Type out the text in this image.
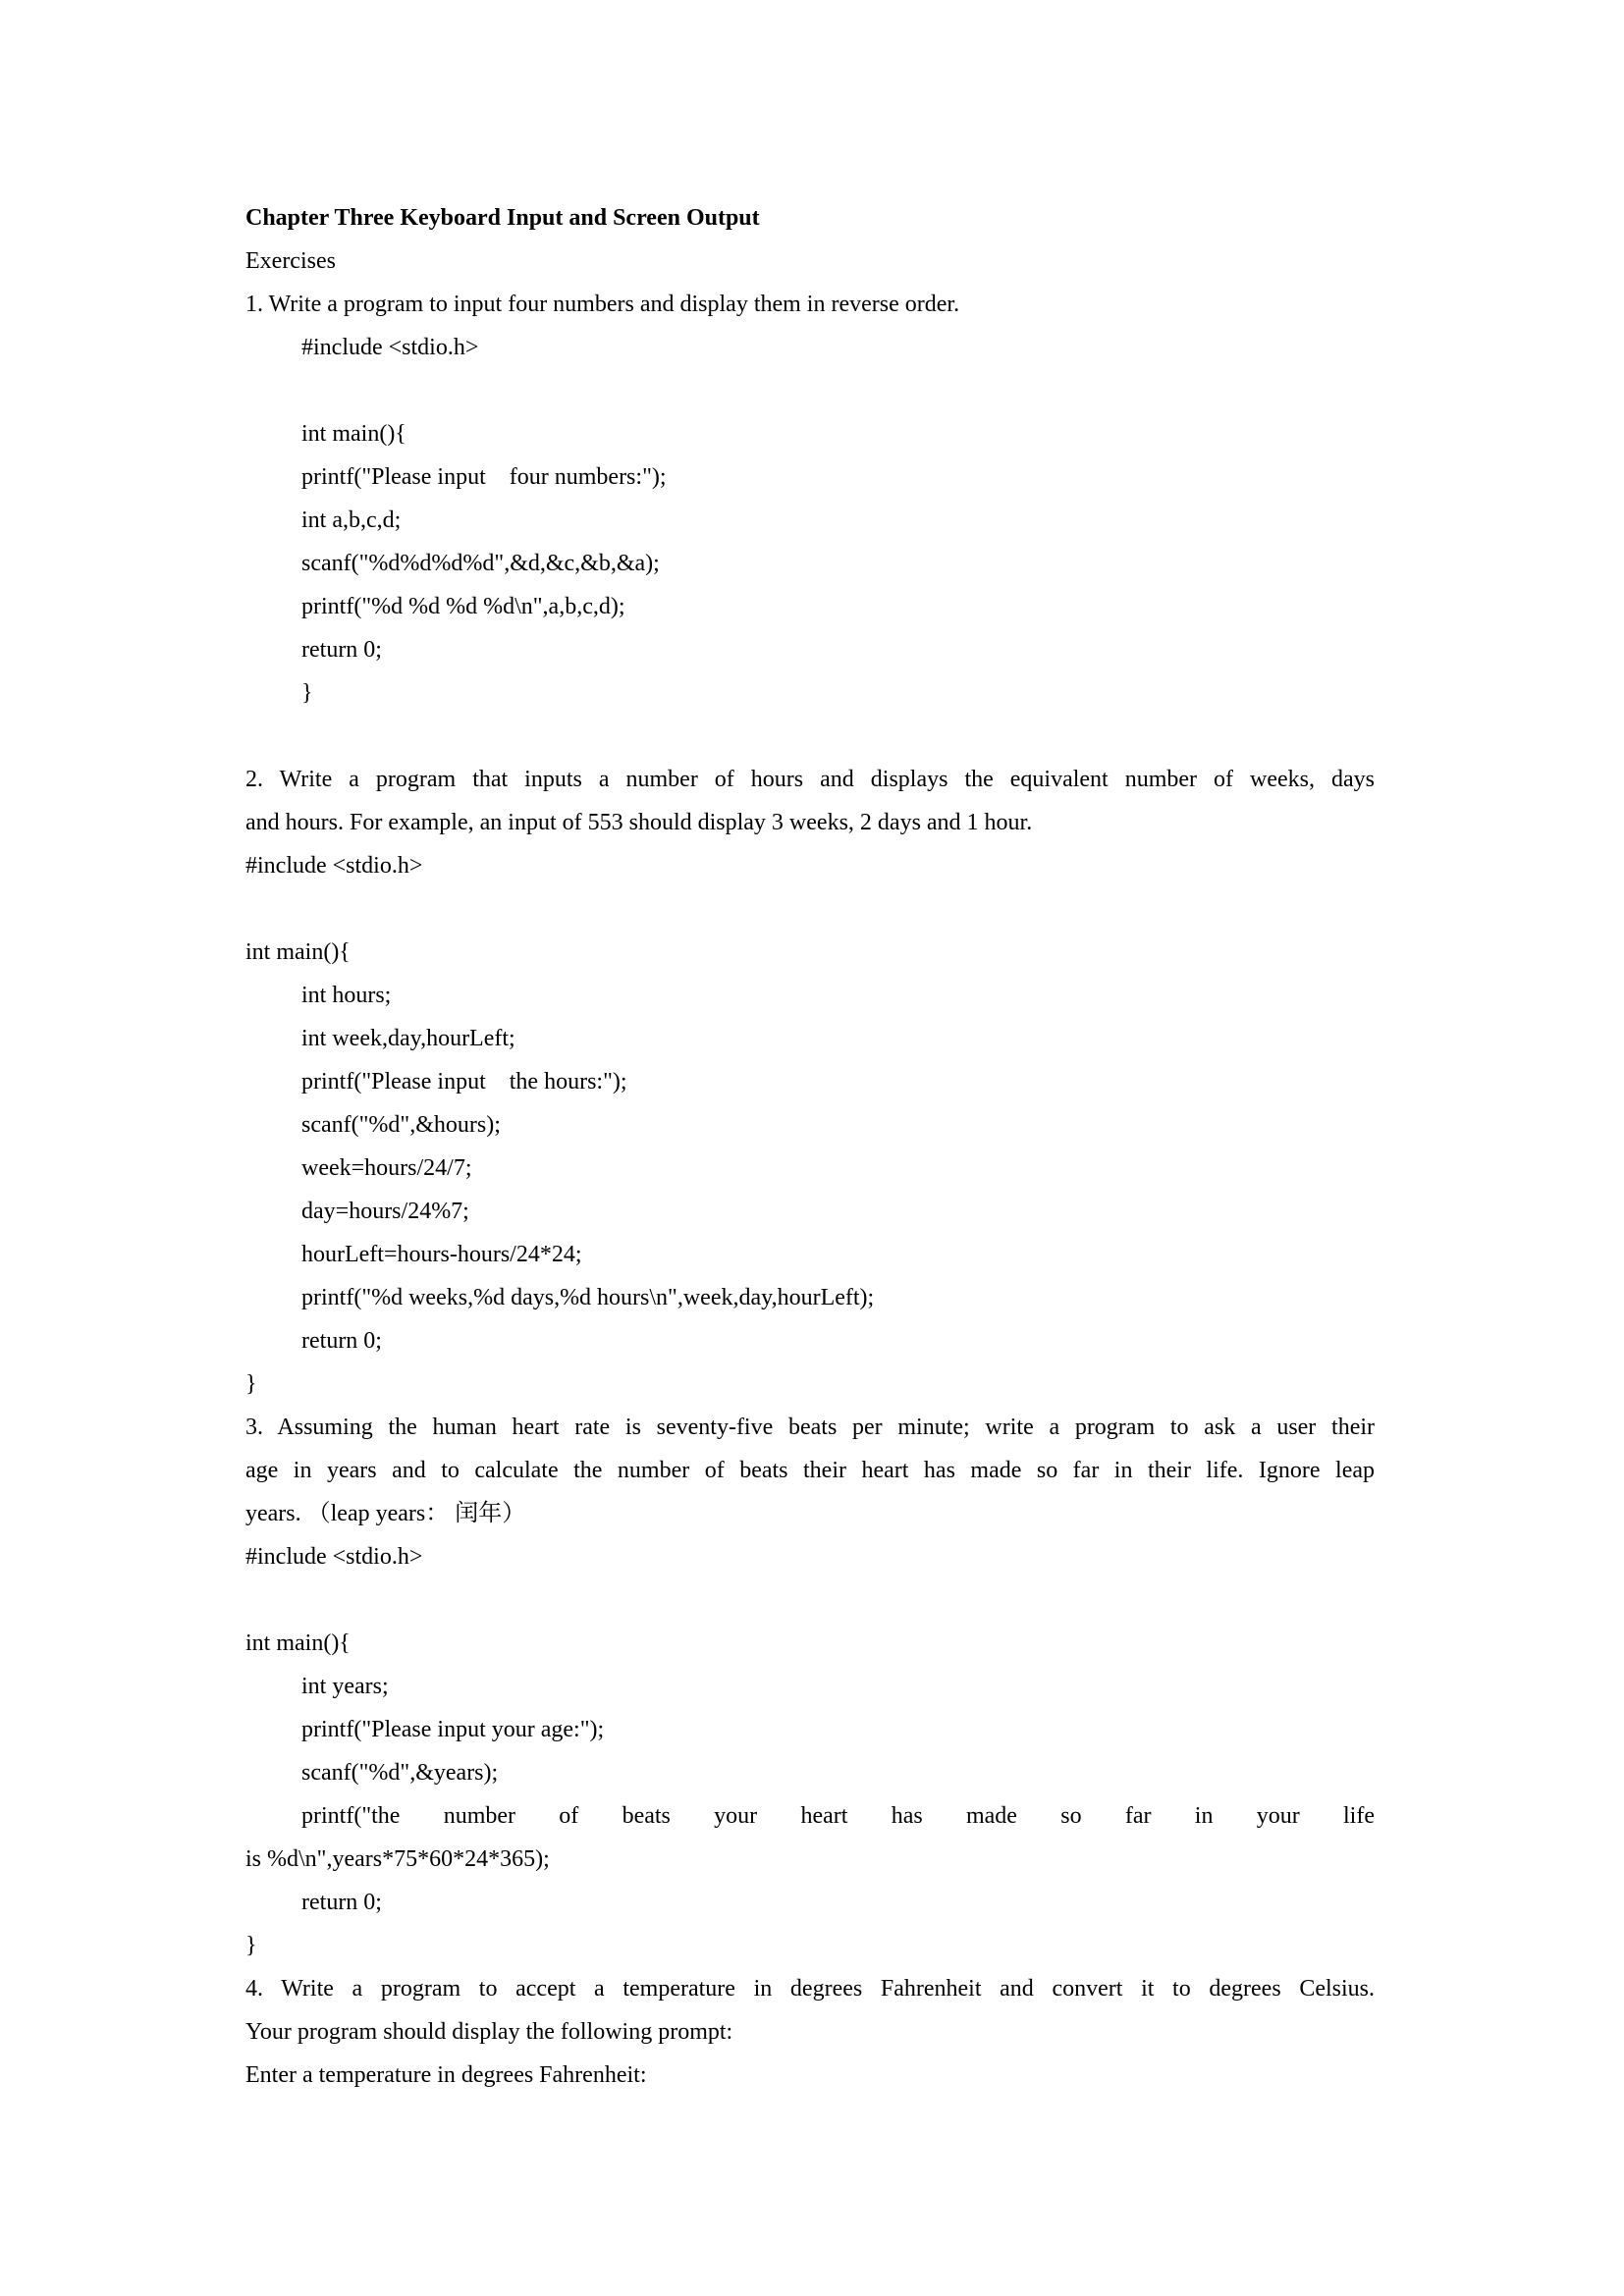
Chapter Three Keyboard Input and Screen Output
Exercises
1. Write a program to input four numbers and display them in reverse order.
#include <stdio.h>
int main(){
printf("Please input    four numbers:");
int a,b,c,d;
scanf("%d%d%d%d",&d,&c,&b,&a);
printf("%d %d %d %d\n",a,b,c,d);
return 0;
}
2. Write a program that inputs a number of hours and displays the equivalent number of weeks, days
and hours. For example, an input of 553 should display 3 weeks, 2 days and 1 hour.
#include <stdio.h>
int main(){
int hours;
int week,day,hourLeft;
printf("Please input    the hours:");
scanf("%d",&hours);
week=hours/24/7;
day=hours/24%7;
hourLeft=hours-hours/24*24;
printf("%d weeks,%d days,%d hours\n",week,day,hourLeft);
return 0;
}
3. Assuming the human heart rate is seventy-five beats per minute; write a program to ask a user their
age in years and to calculate the number of beats their heart has made so far in their life. Ignore leap
years. （leap years： 闰年）
#include <stdio.h>
int main(){
int years;
printf("Please input your age:");
scanf("%d",&years);
printf("the number of beats your heart has made so far in your life
is %d\n",years*75*60*24*365);
return 0;
}
4. Write a program to accept a temperature in degrees Fahrenheit and convert it to degrees Celsius.
Your program should display the following prompt:
Enter a temperature in degrees Fahrenheit:
